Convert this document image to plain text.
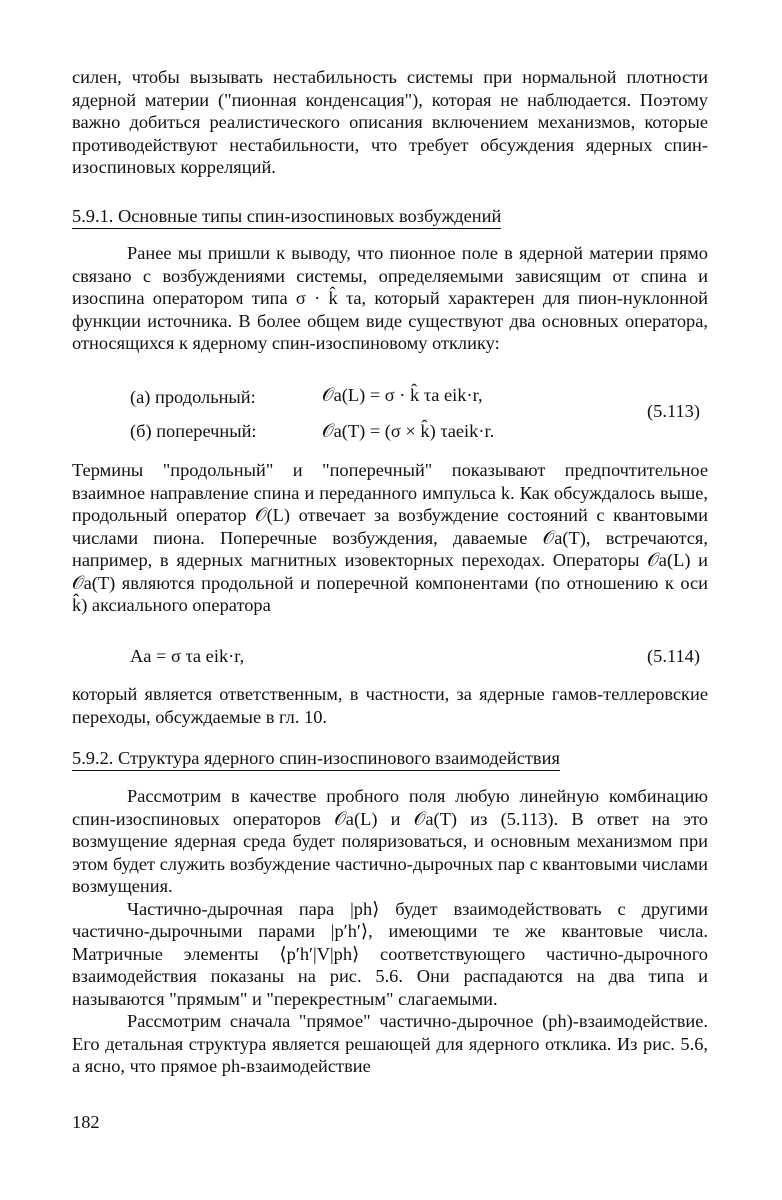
силен, чтобы вызывать нестабильность системы при нормальной плотности ядерной материи ("пионная конденсация"), которая не наблюдается. Поэтому важно добиться реалистического описания включением механизмов, которые противодействуют нестабильности, что требует обсуждения ядерных спин-изоспиновых корреляций.

5.9.1. Основные типы спин-изоспиновых возбуждений

Ранее мы пришли к выводу, что пионное поле в ядерной материи прямо связано с возбуждениями системы, определяемыми зависящим от спина и изоспина оператором типа σ · k̂ τa, который характерен для пион-нуклонной функции источника. В более общем виде существуют два основных оператора, относящихся к ядерному спин-изоспиновому отклику:

(а) продольный:	𝒪a(L) = σ · k̂ τa eik·r,
(б) поперечный:	𝒪a(T) = (σ × k̂) τaeik·r.
(5.113)

Термины "продольный" и "поперечный" показывают предпочтительное взаимное направление спина и переданного импульса k. Как обсуждалось выше, продольный оператор 𝒪(L) отвечает за возбуждение состояний с квантовыми числами пиона. Поперечные возбуждения, даваемые 𝒪a(T), встречаются, например, в ядерных магнитных изовекторных переходах. Операторы 𝒪a(L) и 𝒪a(T) являются продольной и поперечной компонентами (по отношению к оси k̂) аксиального оператора

Aa = σ τa eik·r,	(5.114)

который является ответственным, в частности, за ядерные гамов-теллеровские переходы, обсуждаемые в гл. 10.

5.9.2. Структура ядерного спин-изоспинового взаимодействия

Рассмотрим в качестве пробного поля любую линейную комбинацию спин-изоспиновых операторов 𝒪a(L) и 𝒪a(T) из (5.113). В ответ на это возмущение ядерная среда будет поляризоваться, и основным механизмом при этом будет служить возбуждение частично-дырочных пар с квантовыми числами возмущения.

Частично-дырочная пара |ph⟩ будет взаимодействовать с другими частично-дырочными парами |p′h′⟩, имеющими те же квантовые числа. Матричные элементы ⟨p′h′|V|ph⟩ соответствующего частично-дырочного взаимодействия показаны на рис. 5.6. Они распадаются на два типа и называются "прямым" и "перекрестным" слагаемыми.

Рассмотрим сначала "прямое" частично-дырочное (ph)-взаимодействие. Его детальная структура является решающей для ядерного отклика. Из рис. 5.6, а ясно, что прямое ph-взаимодействие

182
